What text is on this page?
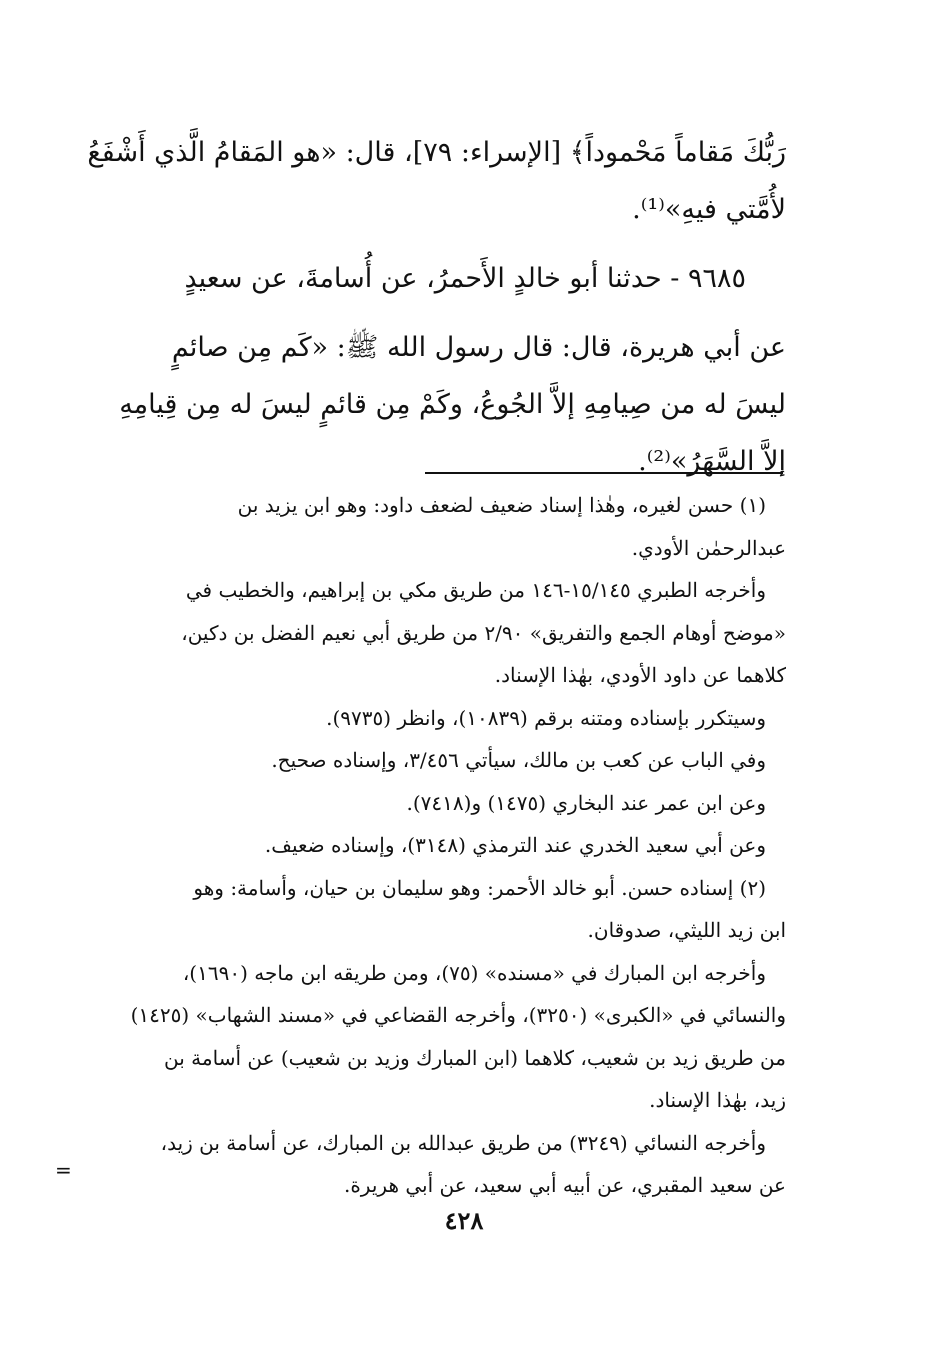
رَبُّكَ مَقاماً مَحْموداً﴾ [الإسراء: ٧٩]، قال: «هو المَقامُ الَّذي أَشْفَعُ
لأُمَّتي فيهِ»⁽¹⁾.
٩٦٨٥ - حدثنا أبو خالدٍ الأَحمرُ، عن أُسامةَ، عن سعيدٍ
عن أبي هريرة، قال: قال رسول الله ﷺ: «كَم مِن صائمٍ
ليسَ له من صِيامِهِ إلاَّ الجُوعُ، وكَمْ مِن قائمٍ ليسَ له مِن قِيامِهِ
إلاَّ السَّهَرُ»⁽²⁾.
(١) حسن لغيره، وهٰذا إسناد ضعيف لضعف داود: وهو ابن يزيد بن
عبدالرحمٰن الأودي.
وأخرجه الطبري ١٥/١٤٥-١٤٦ من طريق مكي بن إبراهيم، والخطيب في
«موضح أوهام الجمع والتفريق» ٢/٩٠ من طريق أبي نعيم الفضل بن دكين،
كلاهما عن داود الأودي، بهٰذا الإسناد.
وسيتكرر بإسناده ومتنه برقم (١٠٨٣٩)، وانظر (٩٧٣٥).
وفي الباب عن كعب بن مالك، سيأتي ٣/٤٥٦، وإسناده صحيح.
وعن ابن عمر عند البخاري (١٤٧٥) و(٧٤١٨).
وعن أبي سعيد الخدري عند الترمذي (٣١٤٨)، وإسناده ضعيف.
(٢) إسناده حسن. أبو خالد الأحمر: وهو سليمان بن حيان، وأسامة: وهو
ابن زيد الليثي، صدوقان.
وأخرجه ابن المبارك في «مسنده» (٧٥)، ومن طريقه ابن ماجه (١٦٩٠)،
والنسائي في «الكبرى» (٣٢٥٠)، وأخرجه القضاعي في «مسند الشهاب» (١٤٢٥)
من طريق زيد بن شعيب، كلاهما (ابن المبارك وزيد بن شعيب) عن أسامة بن
زيد، بهٰذا الإسناد.
وأخرجه النسائي (٣٢٤٩) من طريق عبدالله بن المبارك، عن أسامة بن زيد،
عن سعيد المقبري، عن أبيه أبي سعيد، عن أبي هريرة.
=
٤٢٨
